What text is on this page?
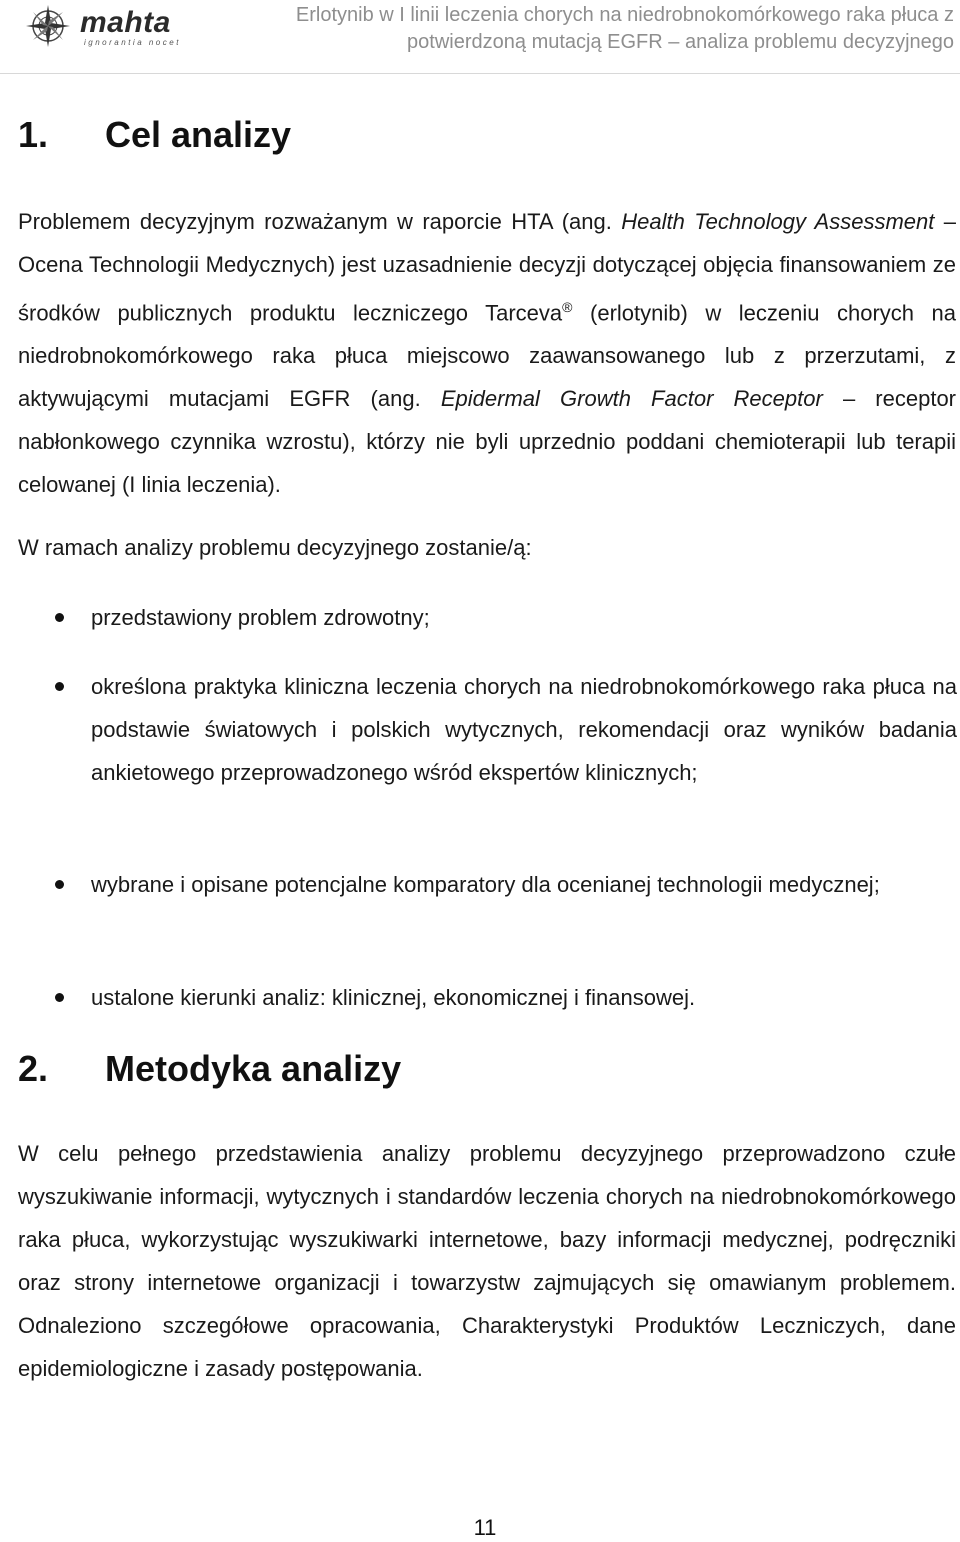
mahta
ignorantia nocet
Erlotynib w I linii leczenia chorych na niedrobnokomórkowego raka płuca z potwierdzoną mutacją EGFR – analiza problemu decyzyjnego
1. Cel analizy

Problemem decyzyjnym rozważanym w raporcie HTA (ang. Health Technology Assessment – Ocena Technologii Medycznych) jest uzasadnienie decyzji dotyczącej objęcia finansowaniem ze środków publicznych produktu leczniczego Tarceva® (erlotynib) w leczeniu chorych na niedrobnokomórkowego raka płuca miejscowo zaawansowanego lub z przerzutami, z aktywującymi mutacjami EGFR (ang. Epidermal Growth Factor Receptor – receptor nabłonkowego czynnika wzrostu), którzy nie byli uprzednio poddani chemioterapii lub terapii celowanej (I linia leczenia).

W ramach analizy problemu decyzyjnego zostanie/ą:

przedstawiony problem zdrowotny;
określona praktyka kliniczna leczenia chorych na niedrobnokomórkowego raka płuca na podstawie światowych i polskich wytycznych, rekomendacji oraz wyników badania ankietowego przeprowadzonego wśród ekspertów klinicznych;
wybrane i opisane potencjalne komparatory dla ocenianej technologii medycznej;
ustalone kierunki analiz: klinicznej, ekonomicznej i finansowej.
2. Metodyka analizy

W celu pełnego przedstawienia analizy problemu decyzyjnego przeprowadzono czułe wyszukiwanie informacji, wytycznych i standardów leczenia chorych na niedrobnokomórkowego raka płuca, wykorzystując wyszukiwarki internetowe, bazy informacji medycznej, podręczniki oraz strony internetowe organizacji i towarzystw zajmujących się omawianym problemem. Odnaleziono szczegółowe opracowania, Charakterystyki Produktów Leczniczych, dane epidemiologiczne i zasady postępowania.

11
